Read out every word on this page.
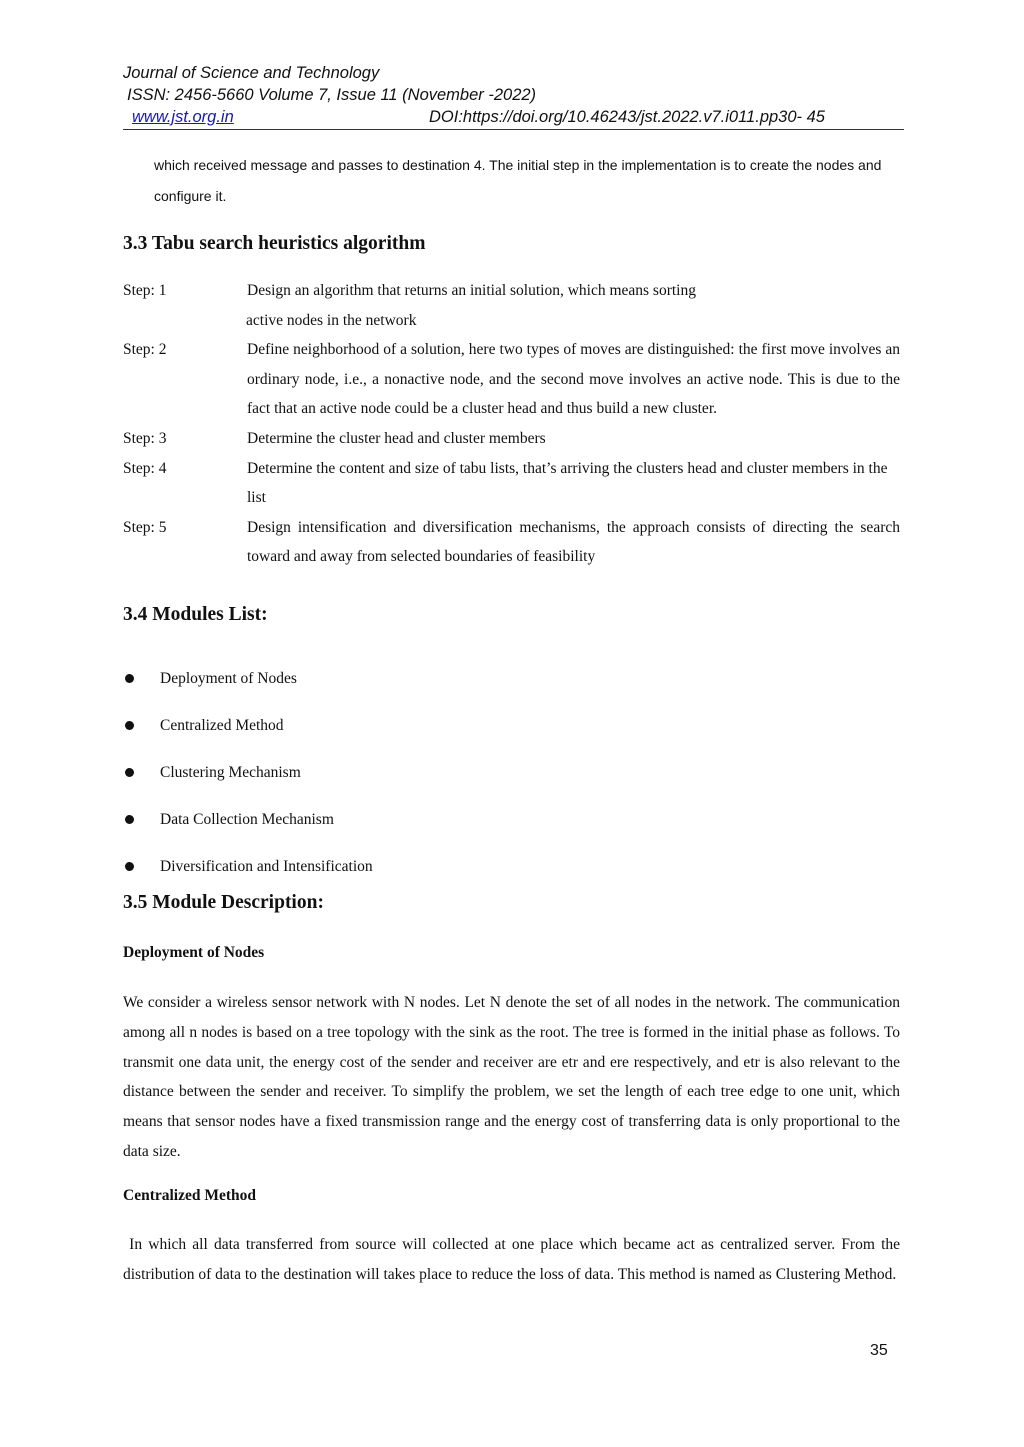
Journal of Science and Technology
ISSN: 2456-5660 Volume 7, Issue 11 (November -2022)
www.jst.org.in	DOI:https://doi.org/10.46243/jst.2022.v7.i011.pp30- 45
which received message and passes to destination 4. The initial step in the implementation is to create the nodes and configure it.
3.3 Tabu search heuristics algorithm
Step: 1	Design an algorithm that returns an initial solution, which means sorting
active nodes in the network
Step: 2	Define neighborhood of a solution, here two types of moves are distinguished: the first move involves an ordinary node, i.e., a nonactive node, and the second move involves an active node. This is due to the fact that an active node could be a cluster head and thus build a new cluster.
Step: 3	Determine the cluster head and cluster members
Step: 4	Determine the content and size of tabu lists, that’s arriving the clusters head and cluster members in the list
Step: 5	Design intensification and diversification mechanisms, the approach consists of directing the search toward and away from selected boundaries of feasibility
3.4 Modules List:
Deployment of Nodes
Centralized Method
Clustering Mechanism
Data Collection Mechanism
Diversification and Intensification
3.5 Module Description:
Deployment of Nodes
We consider a wireless sensor network with N nodes. Let N denote the set of all nodes in the network. The communication among all n nodes is based on a tree topology with the sink as the root. The tree is formed in the initial phase as follows. To transmit one data unit, the energy cost of the sender and receiver are etr and ere respectively, and etr is also relevant to the distance between the sender and receiver. To simplify the problem, we set the length of each tree edge to one unit, which means that sensor nodes have a fixed transmission range and the energy cost of transferring data is only proportional to the data size.
Centralized Method
In which all data transferred from source will collected at one place which became act as centralized server. From the distribution of data to the destination will takes place to reduce the loss of data. This method is named as Clustering Method.
35
